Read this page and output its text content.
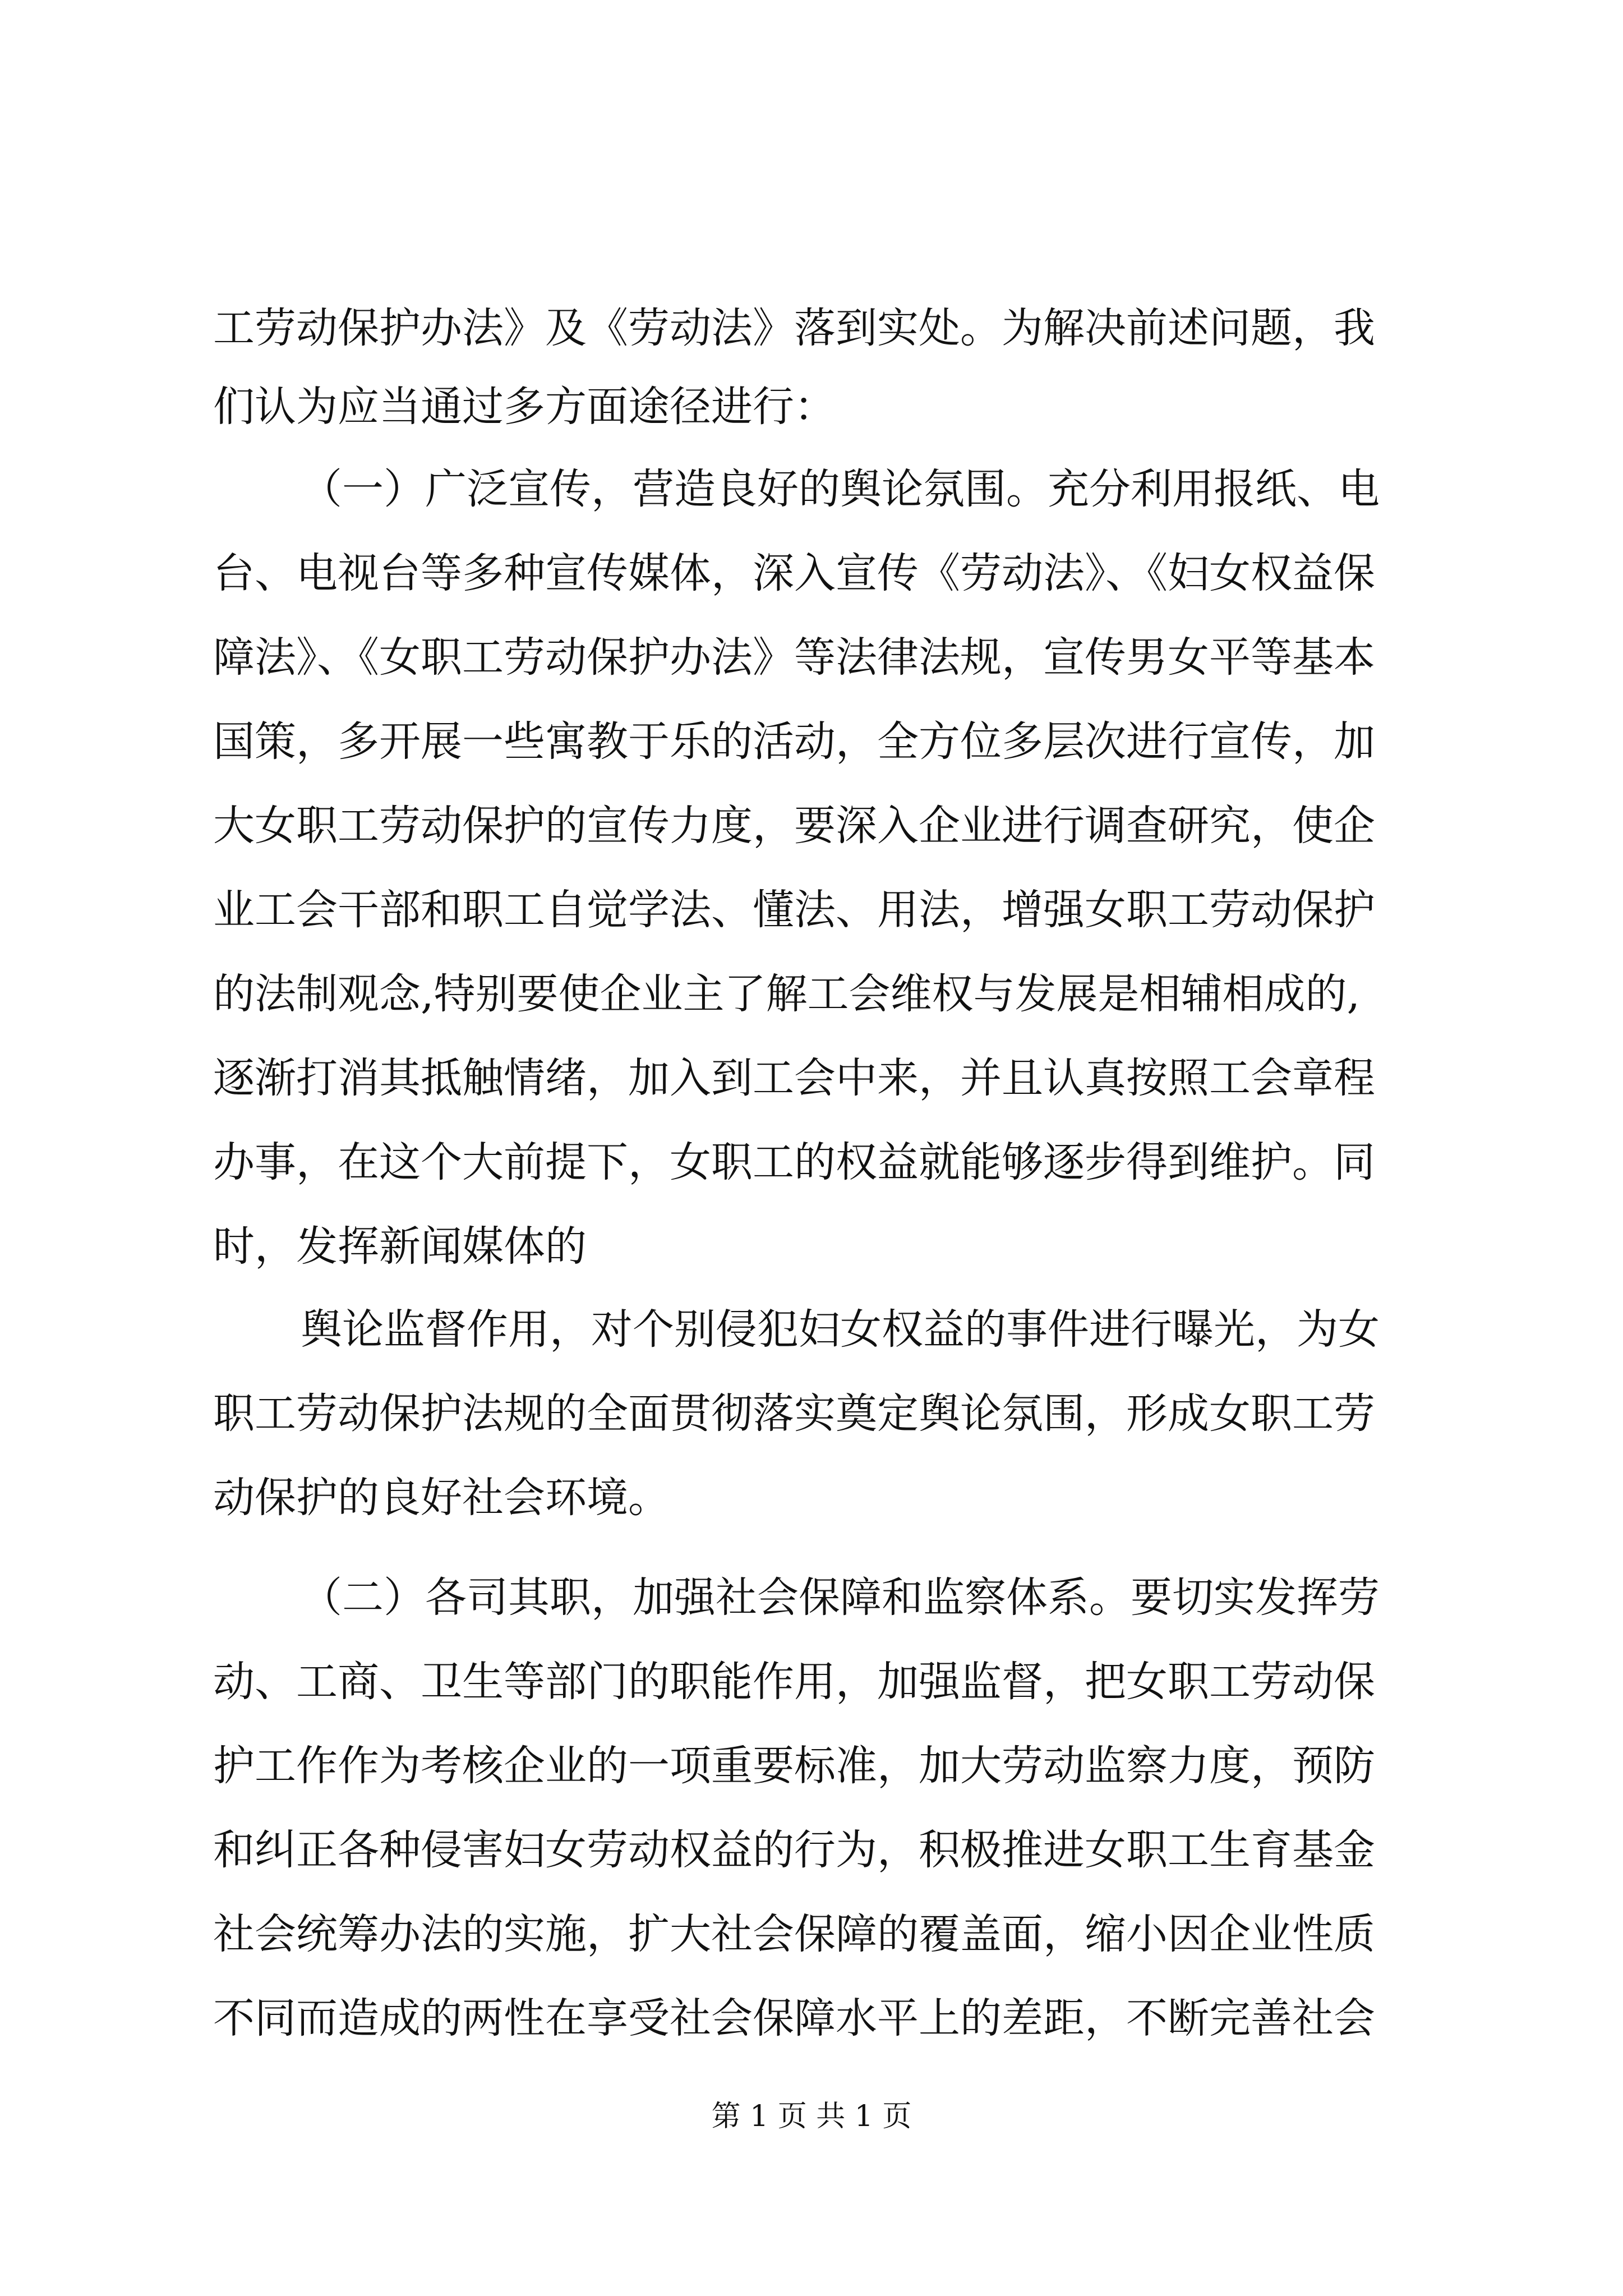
工劳动保护办法》及《劳动法》落到实处。为解决前述问题，我
们认为应当通过多方面途径进行：
（一）广泛宣传，营造良好的舆论氛围。充分利用报纸、电
台、电视台等多种宣传媒体，深入宣传《劳动法》、《妇女权益保
障法》、《女职工劳动保护办法》等法律法规，宣传男女平等基本
国策，多开展一些寓教于乐的活动，全方位多层次进行宣传，加
大女职工劳动保护的宣传力度，要深入企业进行调查研究，使企
业工会干部和职工自觉学法、懂法、用法，增强女职工劳动保护
的法制观念,特别要使企业主了解工会维权与发展是相辅相成的,
逐渐打消其抵触情绪，加入到工会中来，并且认真按照工会章程
办事，在这个大前提下，女职工的权益就能够逐步得到维护。同
时，发挥新闻媒体的
舆论监督作用，对个别侵犯妇女权益的事件进行曝光，为女
职工劳动保护法规的全面贯彻落实奠定舆论氛围，形成女职工劳
动保护的良好社会环境。
（二）各司其职，加强社会保障和监察体系。要切实发挥劳
动、工商、卫生等部门的职能作用，加强监督，把女职工劳动保
护工作作为考核企业的一项重要标准，加大劳动监察力度，预防
和纠正各种侵害妇女劳动权益的行为，积极推进女职工生育基金
社会统筹办法的实施，扩大社会保障的覆盖面，缩小因企业性质
不同而造成的两性在享受社会保障水平上的差距，不断完善社会
第 1 页 共 1 页
